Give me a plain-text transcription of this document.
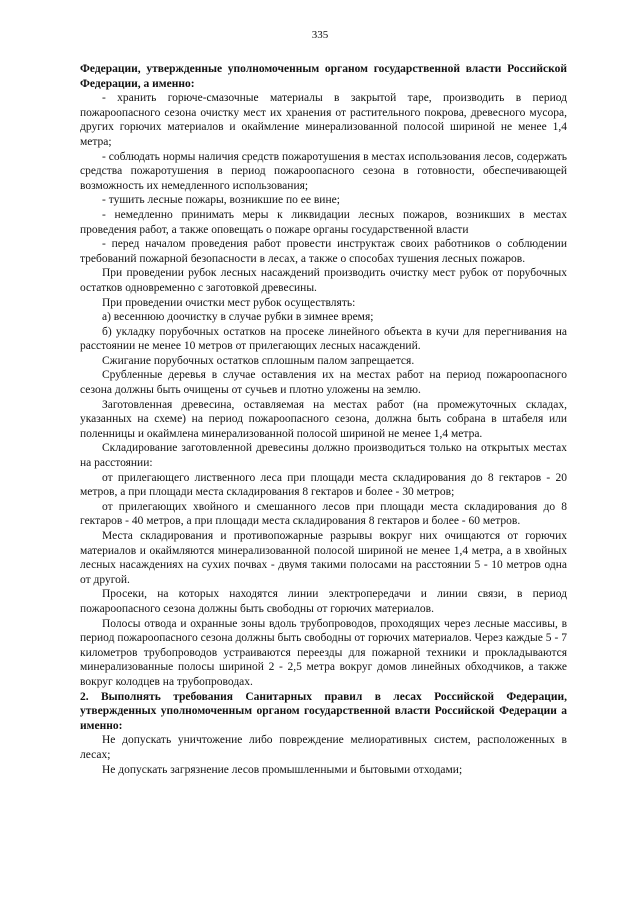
335

Федерации, утвержденные уполномоченным органом государственной власти Российской Федерации, а именно:

- хранить горюче-смазочные материалы в закрытой таре, производить в период пожароопасного сезона очистку мест их хранения от растительного покрова, древесного мусора, других горючих материалов и окаймление минерализованной полосой шириной не менее 1,4 метра;

- соблюдать нормы наличия средств пожаротушения в местах использования лесов, содержать средства пожаротушения в период пожароопасного сезона в готовности, обеспечивающей возможность их немедленного использования;

- тушить лесные пожары, возникшие по ее вине;

- немедленно принимать меры к ликвидации лесных пожаров, возникших в местах проведения работ, а также оповещать о пожаре органы государственной власти

- перед началом проведения работ провести инструктаж своих работников о соблюдении требований пожарной безопасности в лесах, а также о способах тушения лесных пожаров.

При проведении рубок лесных насаждений производить очистку мест рубок от порубочных остатков одновременно с заготовкой древесины.

При проведении очистки мест рубок осуществлять:

а) весеннюю доочистку в случае рубки в зимнее время;

б) укладку порубочных остатков на просеке линейного объекта в кучи для перегнивания на расстоянии не менее 10 метров от прилегающих лесных насаждений.

Сжигание порубочных остатков сплошным палом запрещается.

Срубленные деревья в случае оставления их на местах работ на период пожароопасного сезона должны быть очищены от сучьев и плотно уложены на землю.

Заготовленная древесина, оставляемая на местах работ (на промежуточных складах, указанных на схеме) на период пожароопасного сезона, должна быть собрана в штабеля или поленницы и окаймлена минерализованной полосой шириной не менее 1,4 метра.

Складирование заготовленной древесины должно производиться только на открытых местах на расстоянии:

от прилегающего лиственного леса при площади места складирования до 8 гектаров - 20 метров, а при площади места складирования 8 гектаров и более - 30 метров;

от прилегающих хвойного и смешанного лесов при площади места складирования до 8 гектаров - 40 метров, а при площади места складирования 8 гектаров и более - 60 метров.

Места складирования и противопожарные разрывы вокруг них очищаются от горючих материалов и окаймляются минерализованной полосой шириной не менее 1,4 метра, а в хвойных лесных насаждениях на сухих почвах - двумя такими полосами на расстоянии 5 - 10 метров одна от другой.

Просеки, на которых находятся линии электропередачи и линии связи, в период пожароопасного сезона должны быть свободны от горючих материалов.

Полосы отвода и охранные зоны вдоль трубопроводов, проходящих через лесные массивы, в период пожароопасного сезона должны быть свободны от горючих материалов. Через каждые 5 - 7 километров трубопроводов устраиваются переезды для пожарной техники и прокладываются минерализованные полосы шириной 2 - 2,5 метра вокруг домов линейных обходчиков, а также вокруг колодцев на трубопроводах.

2. Выполнять требования Санитарных правил в лесах Российской Федерации, утвержденных уполномоченным органом государственной власти Российской Федерации а именно:

Не допускать уничтожение либо повреждение мелиоративных систем, расположенных в лесах;

Не допускать загрязнение лесов промышленными и бытовыми отходами;
